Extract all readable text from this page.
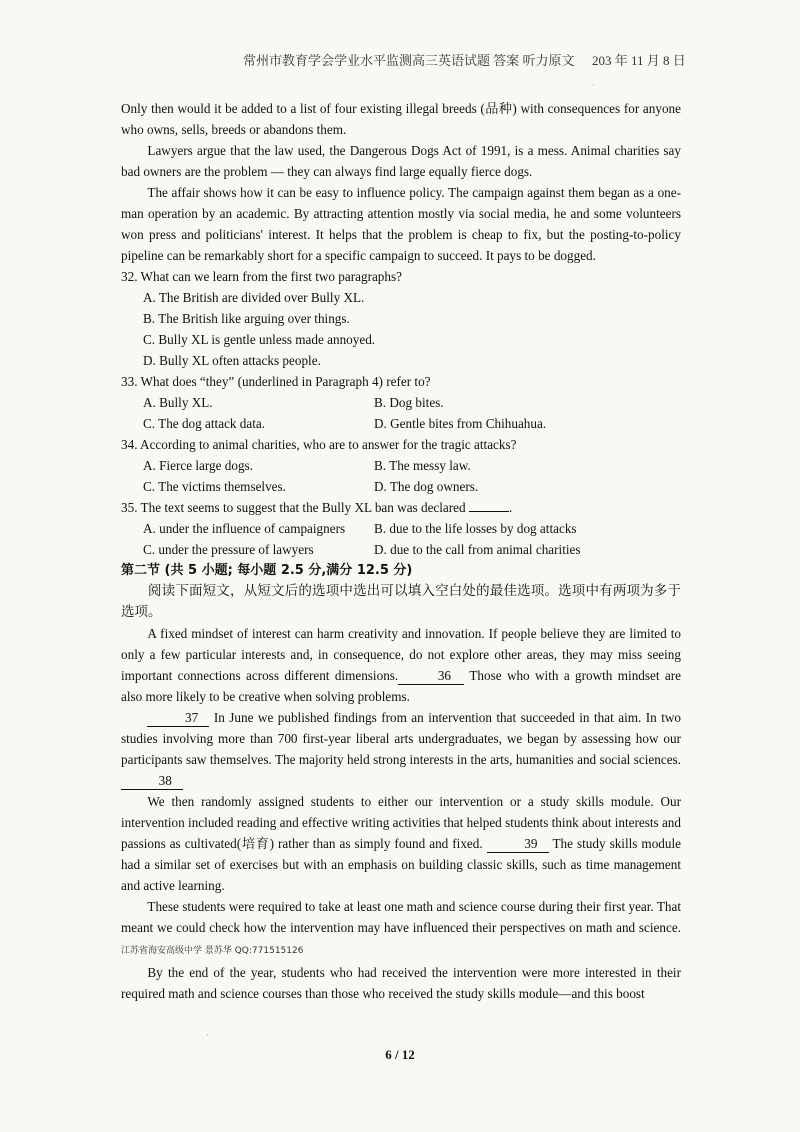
常州市教育学会学业水平监测高三英语试题 答案 听力原文 203 年 11 月 8 日
·

Only then would it be added to a list of four existing illegal breeds (品种) with consequences for anyone who owns, sells, breeds or abandons them.

Lawyers argue that the law used, the Dangerous Dogs Act of 1991, is a mess. Animal charities say bad owners are the problem — they can always find large equally fierce dogs.

The affair shows how it can be easy to influence policy. The campaign against them began as a one-man operation by an academic. By attracting attention mostly via social media, he and some volunteers won press and politicians' interest. It helps that the problem is cheap to fix, but the posting-to-policy pipeline can be remarkably short for a specific campaign to succeed. It pays to be dogged.

32. What can we learn from the first two paragraphs?

A. The British are divided over Bully XL.
B. The British like arguing over things.
C. Bully XL is gentle unless made annoyed.
D. Bully XL often attacks people.

33. What does “they” (underlined in Paragraph 4) refer to?

A. Bully XL.	B. Dog bites.
C. The dog attack data.	D. Gentle bites from Chihuahua.

34. According to animal charities, who are to answer for the tragic attacks?

A. Fierce large dogs.	B. The messy law.
C. The victims themselves.	D. The dog owners.

35. The text seems to suggest that the Bully XL ban was declared	.

A. under the influence of campaigners	B. due to the life losses by dog attacks
C. under the pressure of lawyers	D. due to the call from animal charities

第二节 (共 5 小题; 每小题 2.5 分,满分 12.5 分)

阅读下面短文，从短文后的选项中选出可以填入空白处的最佳选项。选项中有两项为多于选项。

A fixed mindset of interest can harm creativity and innovation. If people believe they are limited to only a few particular interests and, in consequence, do not explore other areas, they may miss seeing important connections across different dimensions.	36 Those who with a growth mindset are also more likely to be creative when solving problems.

37 In June we published findings from an intervention that succeeded in that aim. In two studies involving more than 700 first-year liberal arts undergraduates, we began by assessing how our participants saw themselves. The majority held strong interests in the arts, humanities and social sciences. 38

We then randomly assigned students to either our intervention or a study skills module. Our intervention included reading and effective writing activities that helped students think about interests and passions as cultivated(培育) rather than as simply found and fixed.	39 The study skills module had a similar set of exercises but with an emphasis on building classic skills, such as time management and active learning.

These students were required to take at least one math and science course during their first year. That meant we could check how the intervention may have influenced their perspectives on math and science. 江苏省海安高级中学 景苏华 QQ:771515126

By the end of the year, students who had received the intervention were more interested in their required math and science courses than those who received the study skills module—and this boost

·
6 / 12
